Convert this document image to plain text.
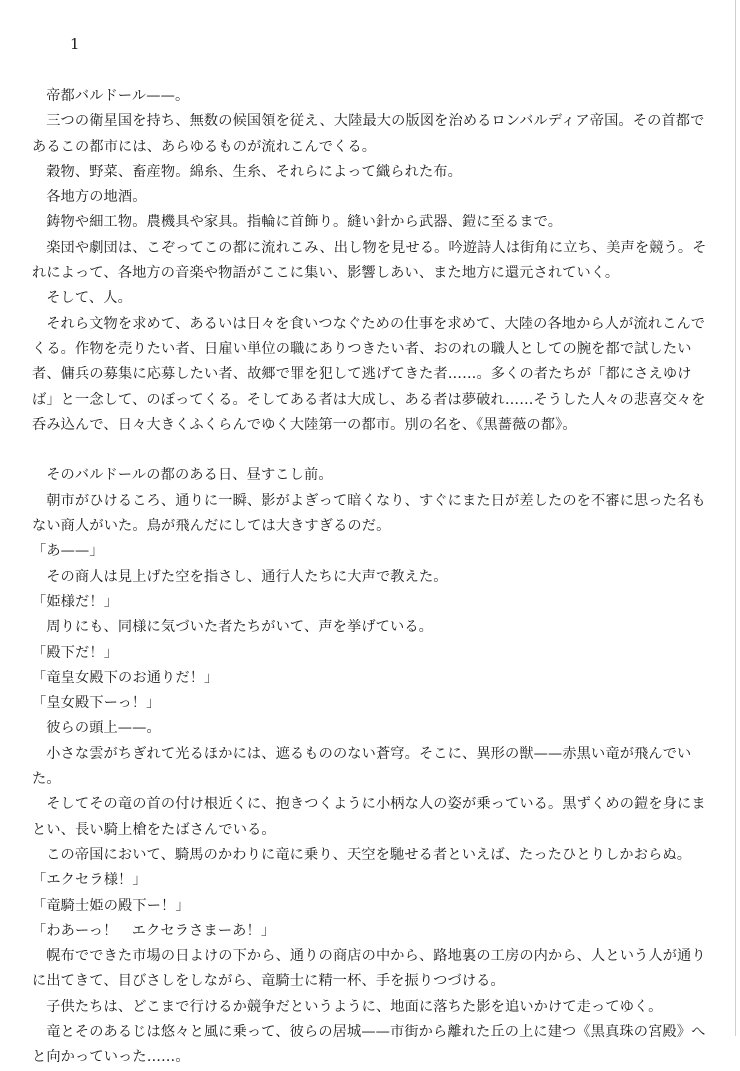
1

帝都バルドール——。

三つの衛星国を持ち、無数の候国領を従え、大陸最大の版図を治めるロンバルディア帝国。その首都であるこの都市には、あらゆるものが流れこんでくる。

穀物、野菜、畜産物。綿糸、生糸、それらによって織られた布。

各地方の地酒。

鋳物や細工物。農機具や家具。指輪に首飾り。縫い針から武器、鎧に至るまで。

楽団や劇団は、こぞってこの都に流れこみ、出し物を見せる。吟遊詩人は街角に立ち、美声を競う。それによって、各地方の音楽や物語がここに集い、影響しあい、また地方に還元されていく。

そして、人。

それら文物を求めて、あるいは日々を食いつなぐための仕事を求めて、大陸の各地から人が流れこんでくる。作物を売りたい者、日雇い単位の職にありつきたい者、おのれの職人としての腕を都で試したい者、傭兵の募集に応募したい者、故郷で罪を犯して逃げてきた者……。多くの者たちが「都にさえゆけば」と一念して、のぼってくる。そしてある者は大成し、ある者は夢破れ……そうした人々の悲喜交々を呑み込んで、日々大きくふくらんでゆく大陸第一の都市。別の名を、《黒薔薇の都》。

そのバルドールの都のある日、昼すこし前。

朝市がひけるころ、通りに一瞬、影がよぎって暗くなり、すぐにまた日が差したのを不審に思った名もない商人がいた。鳥が飛んだにしては大きすぎるのだ。

「あ——」

その商人は見上げた空を指さし、通行人たちに大声で教えた。

「姫様だ！」

周りにも、同様に気づいた者たちがいて、声を挙げている。

「殿下だ！」

「竜皇女殿下のお通りだ！」

「皇女殿下ーっ！」

彼らの頭上——。

小さな雲がちぎれて光るほかには、遮るもののない蒼穹。そこに、異形の獣——赤黒い竜が飛んでいた。

そしてその竜の首の付け根近くに、抱きつくように小柄な人の姿が乗っている。黒ずくめの鎧を身にまとい、長い騎上槍をたばさんでいる。

この帝国において、騎馬のかわりに竜に乗り、天空を馳せる者といえば、たったひとりしかおらぬ。

「エクセラ様！」

「竜騎士姫の殿下ー！」

「わあーっ！　エクセラさまーあ！」

幌布でできた市場の日よけの下から、通りの商店の中から、路地裏の工房の内から、人という人が通りに出てきて、目びさしをしながら、竜騎士に精一杯、手を振りつづける。

子供たちは、どこまで行けるか競争だというように、地面に落ちた影を追いかけて走ってゆく。

竜とそのあるじは悠々と風に乗って、彼らの居城——市街から離れた丘の上に建つ《黒真珠の宮殿》へと向かっていった……。
